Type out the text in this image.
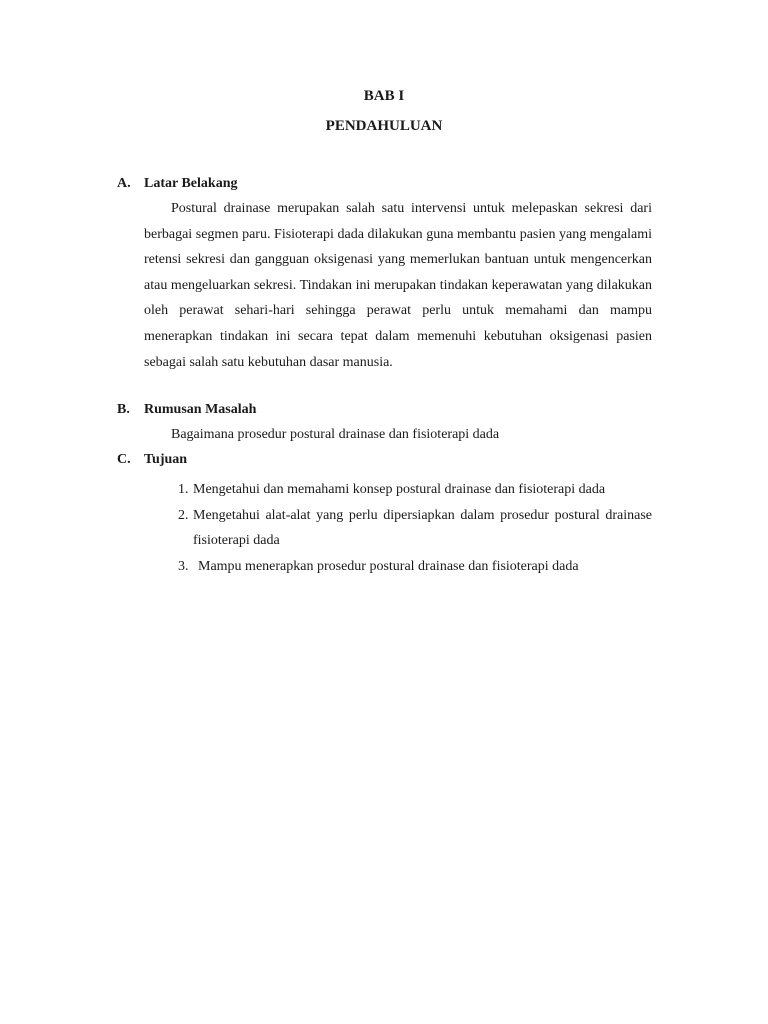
BAB I
PENDAHULUAN
A. Latar Belakang
Postural drainase merupakan salah satu intervensi untuk melepaskan sekresi dari berbagai segmen paru. Fisioterapi dada dilakukan guna membantu pasien yang mengalami retensi sekresi dan gangguan oksigenasi yang memerlukan bantuan untuk mengencerkan atau mengeluarkan sekresi. Tindakan ini merupakan tindakan keperawatan yang dilakukan oleh perawat sehari-hari sehingga perawat perlu untuk memahami dan mampu menerapkan tindakan ini secara tepat dalam memenuhi kebutuhan oksigenasi pasien sebagai salah satu kebutuhan dasar manusia.
B. Rumusan Masalah
Bagaimana prosedur postural drainase dan fisioterapi dada
C. Tujuan
1. Mengetahui dan memahami konsep postural drainase dan fisioterapi dada
2. Mengetahui alat-alat yang perlu dipersiapkan dalam prosedur postural drainase fisioterapi dada
3. Mampu menerapkan prosedur postural drainase dan fisioterapi dada
